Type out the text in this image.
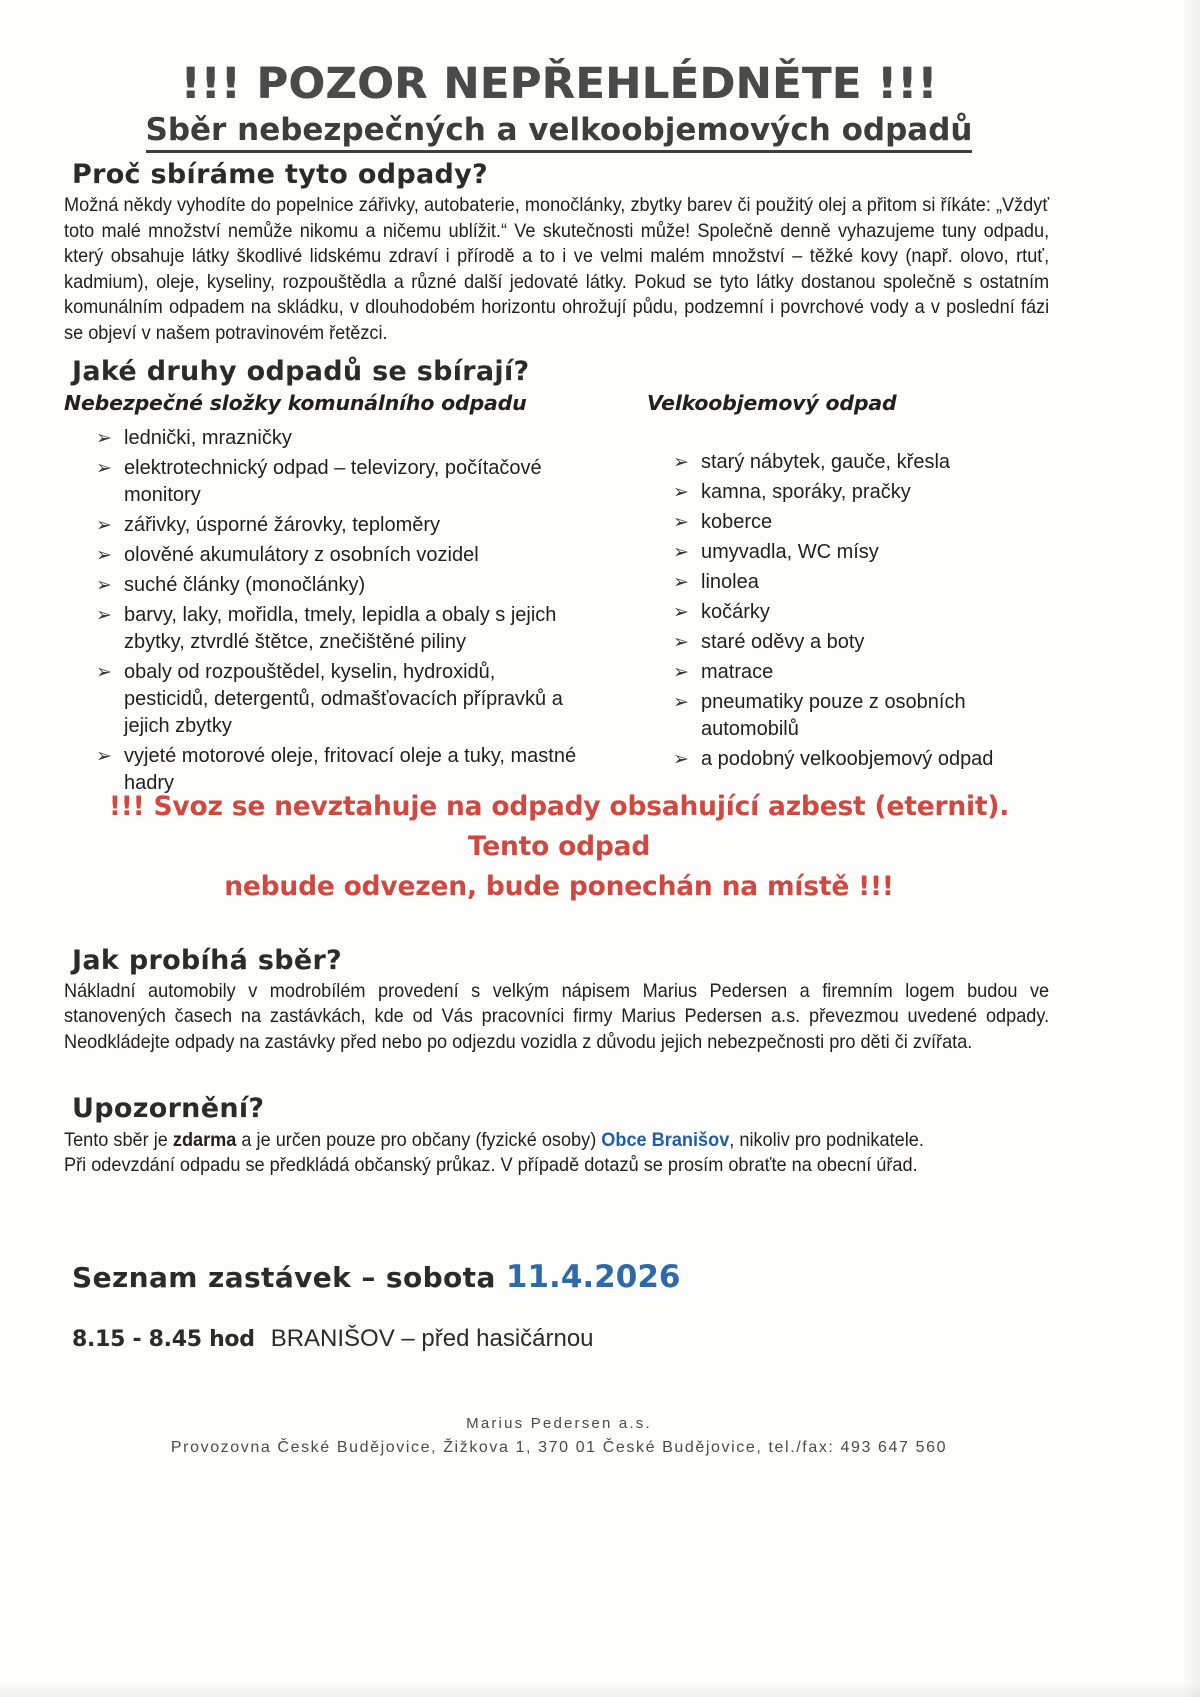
!!! POZOR NEPŘEHLÉDNĚTE !!!
Sběr nebezpečných a velkoobjemových odpadů
Proč sbíráme tyto odpady?

Možná někdy vyhodíte do popelnice zářivky, autobaterie, monočlánky, zbytky barev či použitý olej a přitom si říkáte: „Vždyť toto malé množství nemůže nikomu a ničemu ublížit.“ Ve skutečnosti může! Společně denně vyhazujeme tuny odpadu, který obsahuje látky škodlivé lidskému zdraví i přírodě a to i ve velmi malém množství – těžké kovy (např. olovo, rtuť, kadmium), oleje, kyseliny, rozpouštědla a různé další jedovaté látky. Pokud se tyto látky dostanou společně s ostatním komunálním odpadem na skládku, v dlouhodobém horizontu ohrožují půdu, podzemní i povrchové vody a v poslední fázi se objeví v našem potravinovém řetězci.

Jaké druhy odpadů se sbírají?
Nebezpečné složky komunálního odpadu
➢ lednički, mrazničky
➢ elektrotechnický odpad – televizory, počítačové monitory
➢ zářivky, úsporné žárovky, teploměry
➢ olověné akumulátory z osobních vozidel
➢ suché články (monočlánky)
➢ barvy, laky, mořidla, tmely, lepidla a obaly s jejich zbytky, ztvrdlé štětce, znečištěné piliny
➢ obaly od rozpouštědel, kyselin, hydroxidů, pesticidů, detergentů, odmašťovacích přípravků a jejich zbytky
➢ vyjeté motorové oleje, fritovací oleje a tuky, mastné hadry
Velkoobjemový odpad
➢ starý nábytek, gauče, křesla
➢ kamna, sporáky, pračky
➢ koberce
➢ umyvadla, WC mísy
➢ linolea
➢ kočárky
➢ staré oděvy a boty
➢ matrace
➢ pneumatiky pouze z osobních automobilů
➢ a podobný velkoobjemový odpad
!!! Svoz se nevztahuje na odpady obsahující azbest (eternit). Tento odpad
nebude odvezen, bude ponechán na místě !!!
Jak probíhá sběr?

Nákladní automobily v modrobílém provedení s velkým nápisem Marius Pedersen a firemním logem budou ve stanovených časech na zastávkách, kde od Vás pracovníci firmy Marius Pedersen a.s. převezmou uvedené odpady. Neodkládejte odpady na zastávky před nebo po odjezdu vozidla z důvodu jejich nebezpečnosti pro děti či zvířata.

Upozornění?

Tento sběr je zdarma a je určen pouze pro občany (fyzické osoby) Obce Branišov, nikoliv pro podnikatele.

Při odevzdání odpadu se předkládá občanský průkaz. V případě dotazů se prosím obraťte na obecní úřad.

Seznam zastávek – sobota 11.4.2026
8.15 - 8.45 hod BRANIŠOV – před hasičárnou
Marius Pedersen a.s.
Provozovna České Budějovice, Žižkova 1, 370 01 České Budějovice, tel./fax: 493 647 560
